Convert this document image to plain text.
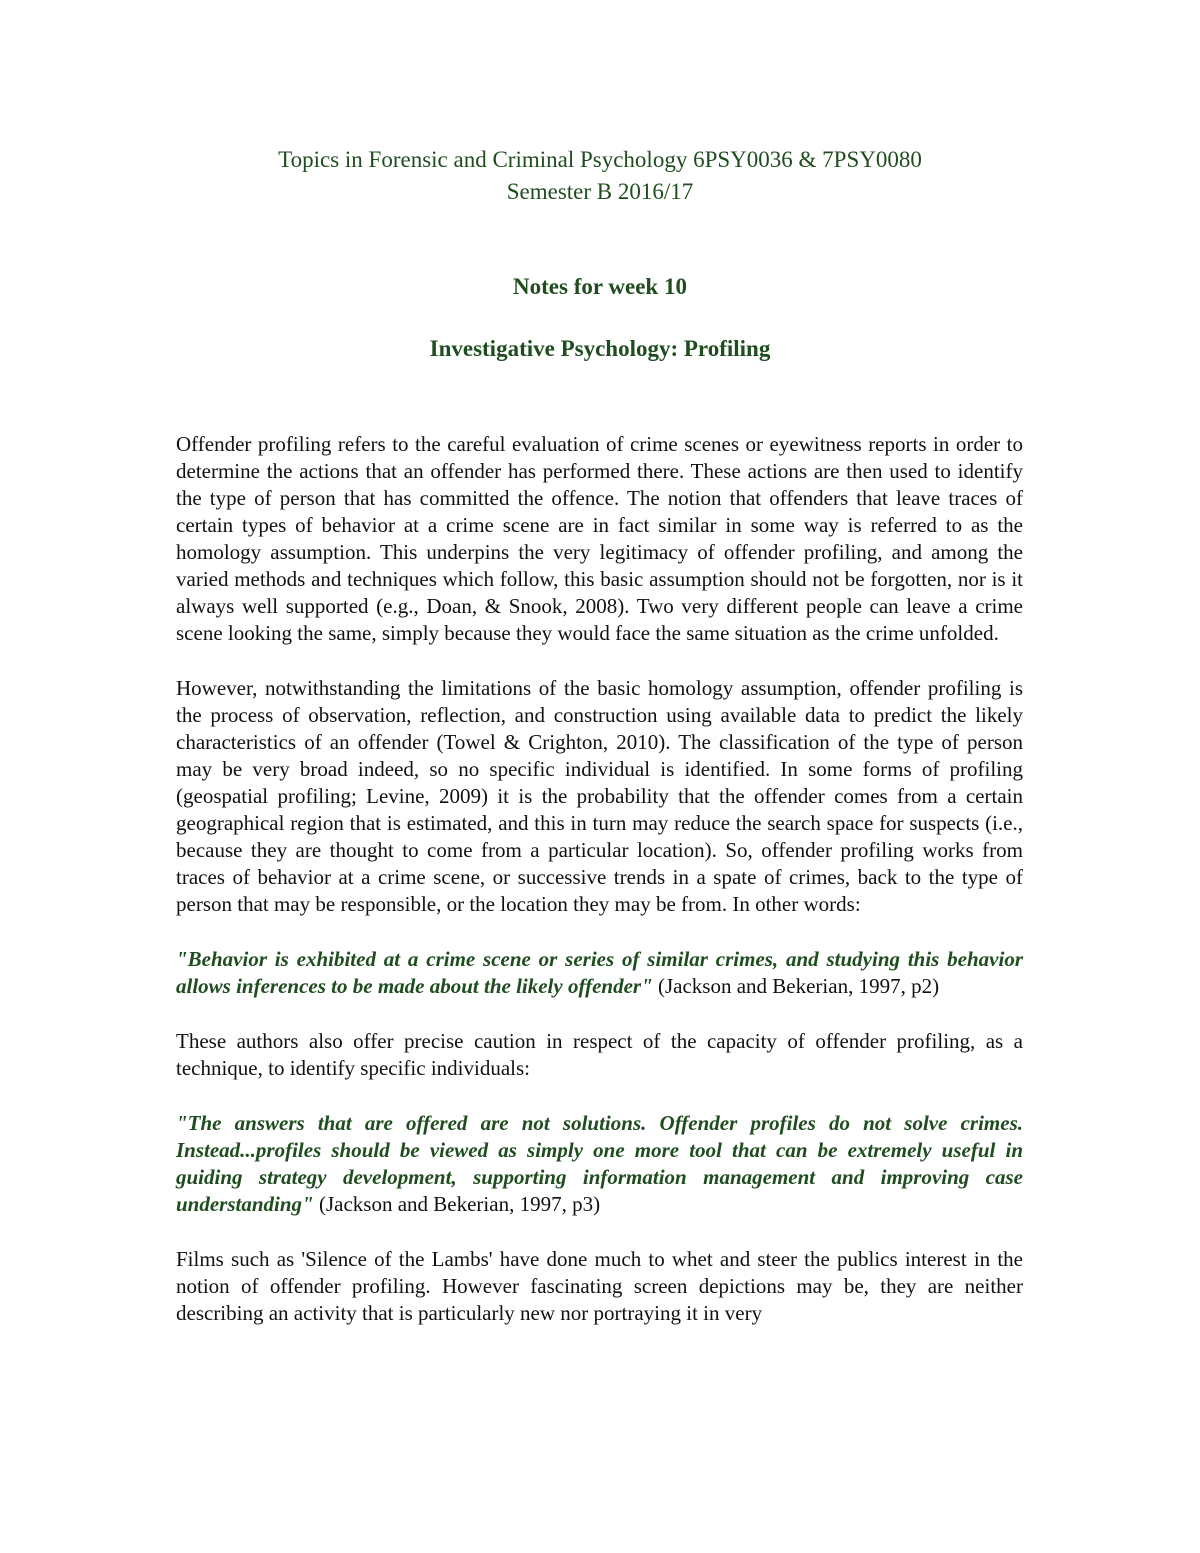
Topics in Forensic and Criminal Psychology 6PSY0036 & 7PSY0080
Semester B 2016/17
Notes for week 10
Investigative Psychology: Profiling

Offender profiling refers to the careful evaluation of crime scenes or eyewitness reports in order to determine the actions that an offender has performed there. These actions are then used to identify the type of person that has committed the offence. The notion that offenders that leave traces of certain types of behavior at a crime scene are in fact similar in some way is referred to as the homology assumption. This underpins the very legitimacy of offender profiling, and among the varied methods and techniques which follow, this basic assumption should not be forgotten, nor is it always well supported (e.g., Doan, & Snook, 2008). Two very different people can leave a crime scene looking the same, simply because they would face the same situation as the crime unfolded.

However, notwithstanding the limitations of the basic homology assumption, offender profiling is the process of observation, reflection, and construction using available data to predict the likely characteristics of an offender (Towel & Crighton, 2010). The classification of the type of person may be very broad indeed, so no specific individual is identified. In some forms of profiling (geospatial profiling; Levine, 2009) it is the probability that the offender comes from a certain geographical region that is estimated, and this in turn may reduce the search space for suspects (i.e., because they are thought to come from a particular location). So, offender profiling works from traces of behavior at a crime scene, or successive trends in a spate of crimes, back to the type of person that may be responsible, or the location they may be from. In other words:

"Behavior is exhibited at a crime scene or series of similar crimes, and studying this behavior allows inferences to be made about the likely offender" (Jackson and Bekerian, 1997, p2)

These authors also offer precise caution in respect of the capacity of offender profiling, as a technique, to identify specific individuals:

"The answers that are offered are not solutions. Offender profiles do not solve crimes. Instead...profiles should be viewed as simply one more tool that can be extremely useful in guiding strategy development, supporting information management and improving case understanding" (Jackson and Bekerian, 1997, p3)

Films such as 'Silence of the Lambs' have done much to whet and steer the publics interest in the notion of offender profiling. However fascinating screen depictions may be, they are neither describing an activity that is particularly new nor portraying it in very
